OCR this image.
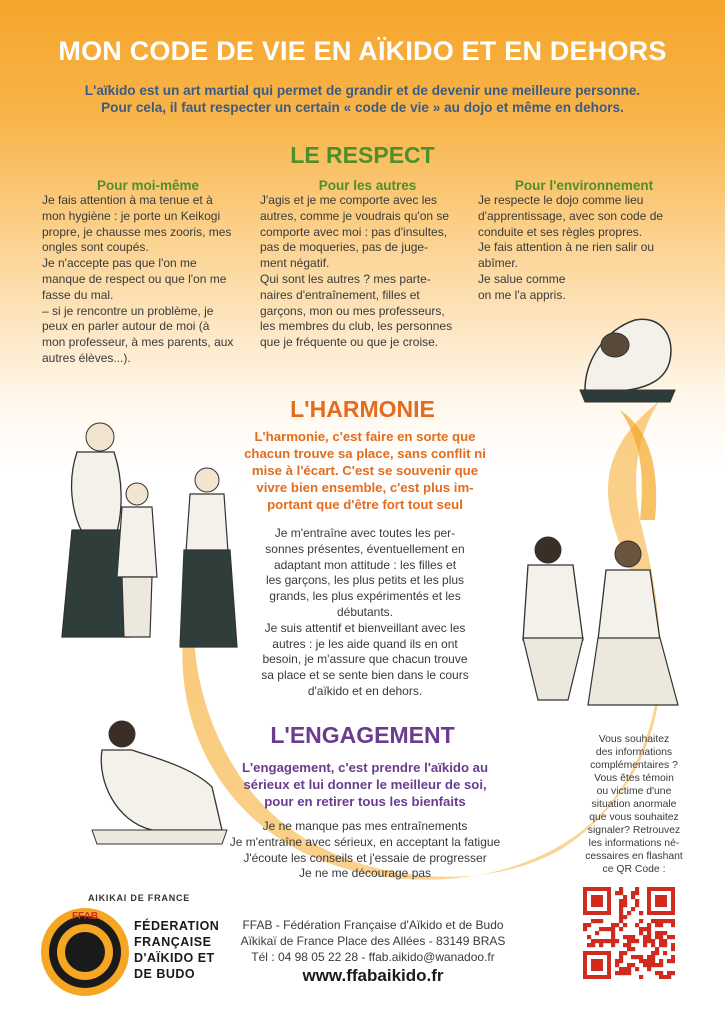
MON CODE DE VIE EN AÏKIDO ET EN DEHORS
L'aïkido est un art martial qui permet de grandir et de devenir une meilleure personne.
Pour cela, il faut respecter un certain « code de vie » au dojo et même en dehors.
LE RESPECT
Pour moi-même
Je fais attention à ma tenue et à
mon hygiène : je porte un Keikogi
propre, je chausse mes zooris, mes
ongles sont coupés.
Je n'accepte pas que l'on me
manque de respect ou que l'on me
fasse du mal.
– si je rencontre un problème, je
peux en parler autour de moi (à
mon professeur, à mes parents, aux
autres élèves...).
Pour les autres
J'agis et je me comporte avec les
autres, comme je voudrais qu'on se
comporte avec moi : pas d'insultes,
pas de moqueries, pas de juge-
ment négatif.
Qui sont les autres ? mes parte-
naires d'entraînement, filles et
garçons, mon ou mes professeurs,
les membres du club, les personnes
que je fréquente ou que je croise.
Pour l'environnement
Je respecte le dojo comme lieu
d'apprentissage, avec son code de
conduite et ses règles propres.
Je fais attention à ne rien salir ou
abîmer.
Je salue comme
on me l'a appris.
L'HARMONIE
L'harmonie, c'est faire en sorte que
chacun trouve sa place, sans conflit ni
mise à l'écart. C'est se souvenir que
vivre bien ensemble, c'est plus im-
portant que d'être fort tout seul
Je m'entraîne avec toutes les per-
sonnes présentes, éventuellement en
adaptant mon attitude : les filles et
les garçons, les plus petits et les plus
grands, les plus expérimentés et les
débutants.
Je suis attentif et bienveillant avec les
autres : je les aide quand ils en ont
besoin, je m'assure que chacun trouve
sa place et se sente bien dans le cours
d'aïkido et en dehors.
L'ENGAGEMENT
L'engagement, c'est prendre l'aïkido au
sérieux et lui donner le meilleur de soi,
pour en retirer tous les bienfaits
Je ne manque pas mes entraînements
Je m'entraîne avec sérieux, en acceptant la fatigue
J'écoute les conseils et j'essaie de progresser
Je ne me décourage pas
Vous souhaitez
des informations
complémentaires ?
Vous êtes témoin
ou victime d'une
situation anormale
que vous souhaitez
signaler? Retrouvez
les informations né-
cessaires en flashant
ce QR Code :
AIKIKAI DE FRANCE
FFAB
FÉDERATION
FRANÇAISE
D'AÏKIDO ET
DE BUDO
FFAB - Fédération Française d'Aïkido et de Budo
Aïkikaï de France Place des Allées - 83149 BRAS
Tél : 04 98 05 22 28 - ffab.aikido@wanadoo.fr
www.ffabaikido.fr
